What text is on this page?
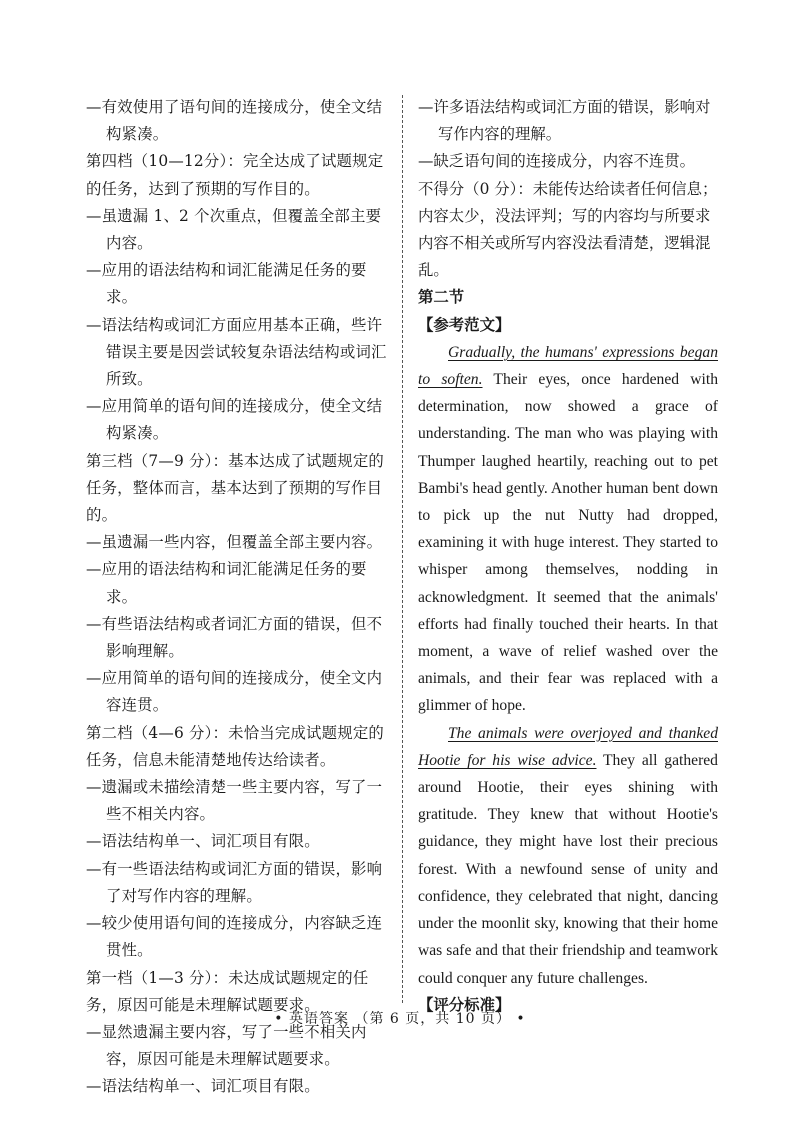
—有效使用了语句间的连接成分，使全文结构紧凑。

第四档（10—12分）：完全达成了试题规定的任务，达到了预期的写作目的。

—虽遗漏 1、2 个次重点，但覆盖全部主要内容。

—应用的语法结构和词汇能满足任务的要求。

—语法结构或词汇方面应用基本正确，些许错误主要是因尝试较复杂语法结构或词汇所致。

—应用简单的语句间的连接成分，使全文结构紧凑。

第三档（7—9 分）：基本达成了试题规定的任务，整体而言，基本达到了预期的写作目的。

—虽遗漏一些内容，但覆盖全部主要内容。

—应用的语法结构和词汇能满足任务的要求。

—有些语法结构或者词汇方面的错误，但不影响理解。

—应用简单的语句间的连接成分，使全文内容连贯。

第二档（4—6 分）：未恰当完成试题规定的任务，信息未能清楚地传达给读者。

—遗漏或未描绘清楚一些主要内容，写了一些不相关内容。

—语法结构单一、词汇项目有限。

—有一些语法结构或词汇方面的错误，影响了对写作内容的理解。

—较少使用语句间的连接成分，内容缺乏连贯性。

第一档（1—3 分）：未达成试题规定的任务，原因可能是未理解试题要求。

—显然遗漏主要内容，写了一些不相关内容，原因可能是未理解试题要求。

—语法结构单一、词汇项目有限。

—许多语法结构或词汇方面的错误，影响对写作内容的理解。

—缺乏语句间的连接成分，内容不连贯。

不得分（0 分）：未能传达给读者任何信息；内容太少，没法评判；写的内容均与所要求内容不相关或所写内容没法看清楚，逻辑混乱。

第二节

【参考范文】

Gradually, the humans' expressions began to soften. Their eyes, once hardened with determination, now showed a grace of understanding. The man who was playing with Thumper laughed heartily, reaching out to pet Bambi's head gently. Another human bent down to pick up the nut Nutty had dropped, examining it with huge interest. They started to whisper among themselves, nodding in acknowledgment. It seemed that the animals' efforts had finally touched their hearts. In that moment, a wave of relief washed over the animals, and their fear was replaced with a glimmer of hope.

The animals were overjoyed and thanked Hootie for his wise advice. They all gathered around Hootie, their eyes shining with gratitude. They knew that without Hootie's guidance, they might have lost their precious forest. With a newfound sense of unity and confidence, they celebrated that night, dancing under the moonlit sky, knowing that their home was safe and that their friendship and teamwork could conquer any future challenges.

【评分标准】

• 英语答案 （第 6 页，共 10 页） •
